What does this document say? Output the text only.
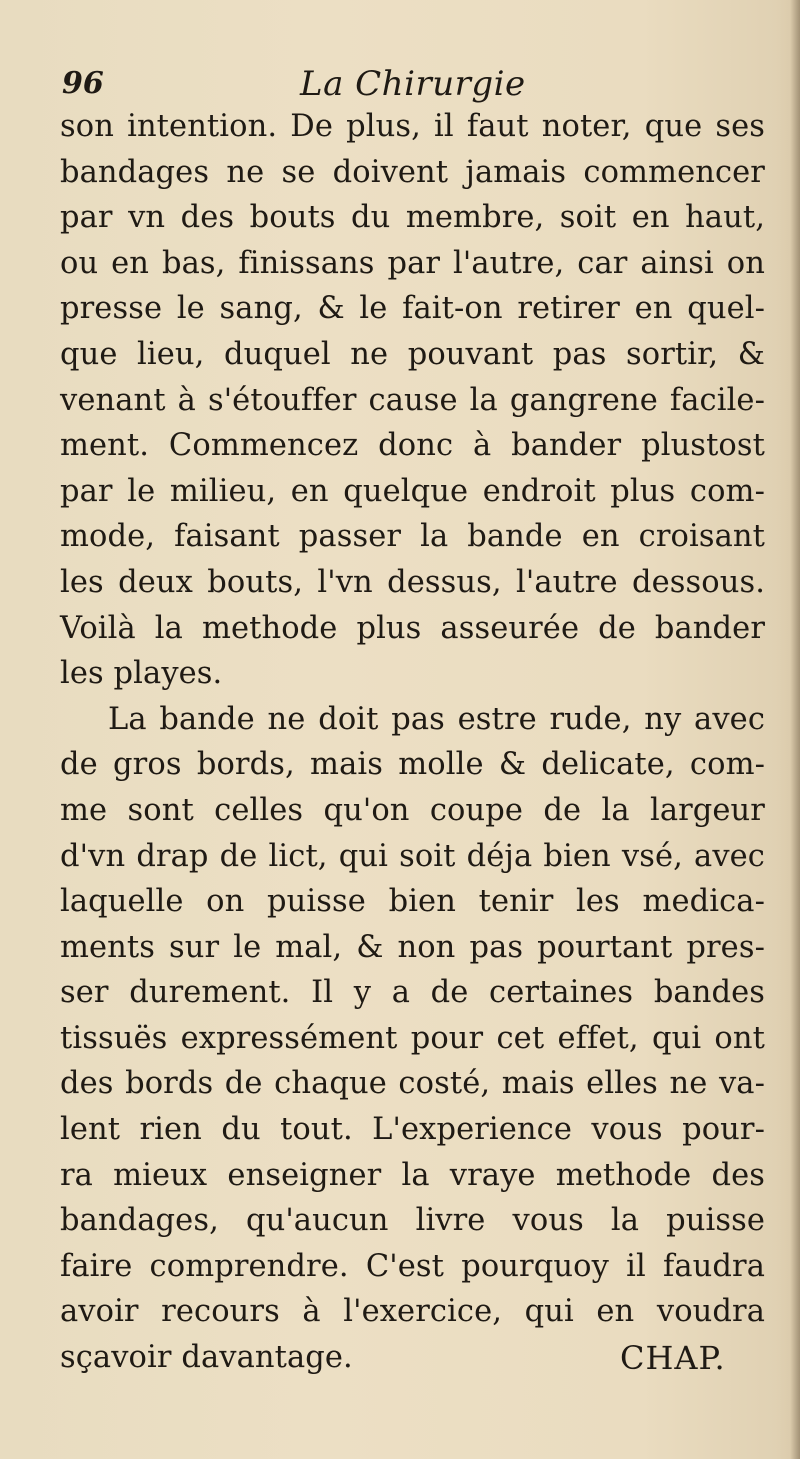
96	La Chirurgie
son intention. De plus, il faut noter, que ses
bandages ne se doivent jamais commencer
par vn des bouts du membre, soit en haut,
ou en bas, finissans par l'autre, car ainsi on
presse le sang, & le fait-on retirer en quel-
que lieu, duquel ne pouvant pas sortir, &
venant à s'étouffer cause la gangrene facile-
ment. Commencez donc à bander plustost
par le milieu, en quelque endroit plus com-
mode, faisant passer la bande en croisant
les deux bouts, l'vn dessus, l'autre dessous.
Voilà la methode plus asseurée de bander
les playes.
La bande ne doit pas estre rude, ny avec
de gros bords, mais molle & delicate, com-
me sont celles qu'on coupe de la largeur
d'vn drap de lict, qui soit déja bien vsé, avec
laquelle on puisse bien tenir les medica-
ments sur le mal, & non pas pourtant pres-
ser durement. Il y a de certaines bandes
tissuës expressément pour cet effet, qui ont
des bords de chaque costé, mais elles ne va-
lent rien du tout. L'experience vous pour-
ra mieux enseigner la vraye methode des
bandages, qu'aucun livre vous la puisse
faire comprendre. C'est pourquoy il faudra
avoir recours à l'exercice, qui en voudra
sçavoir davantage.	CHAP.
